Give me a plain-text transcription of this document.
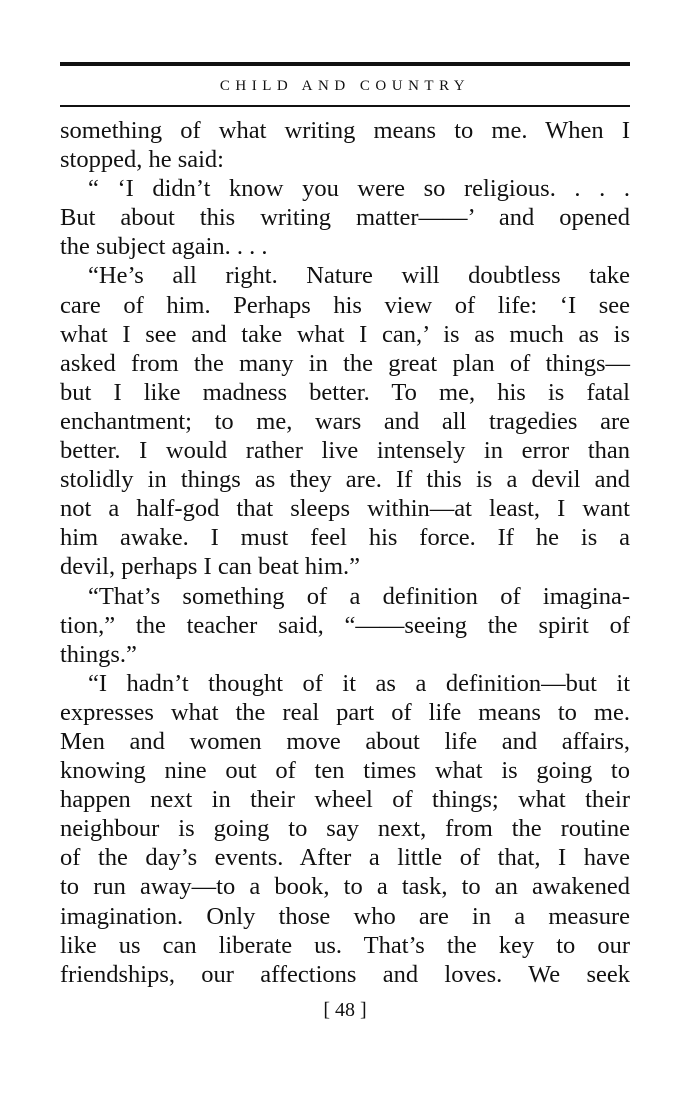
CHILD AND COUNTRY
something of what writing means to me. When I
stopped, he said:
“ ‘I didn’t know you were so religious. . . .
But about this writing matter——’ and opened
the subject again. . . .
“He’s all right. Nature will doubtless take
care of him. Perhaps his view of life: ‘I see
what I see and take what I can,’ is as much as is
asked from the many in the great plan of things—
but I like madness better. To me, his is fatal
enchantment; to me, wars and all tragedies are
better. I would rather live intensely in error than
stolidly in things as they are. If this is a devil and
not a half-god that sleeps within—at least, I want
him awake. I must feel his force. If he is a
devil, perhaps I can beat him.”
“That’s something of a definition of imagina-
tion,” the teacher said, “——seeing the spirit of
things.”
“I hadn’t thought of it as a definition—but it
expresses what the real part of life means to me.
Men and women move about life and affairs,
knowing nine out of ten times what is going to
happen next in their wheel of things; what their
neighbour is going to say next, from the routine
of the day’s events. After a little of that, I have
to run away—to a book, to a task, to an awakened
imagination. Only those who are in a measure
like us can liberate us. That’s the key to our
friendships, our affections and loves. We seek
[ 48 ]
